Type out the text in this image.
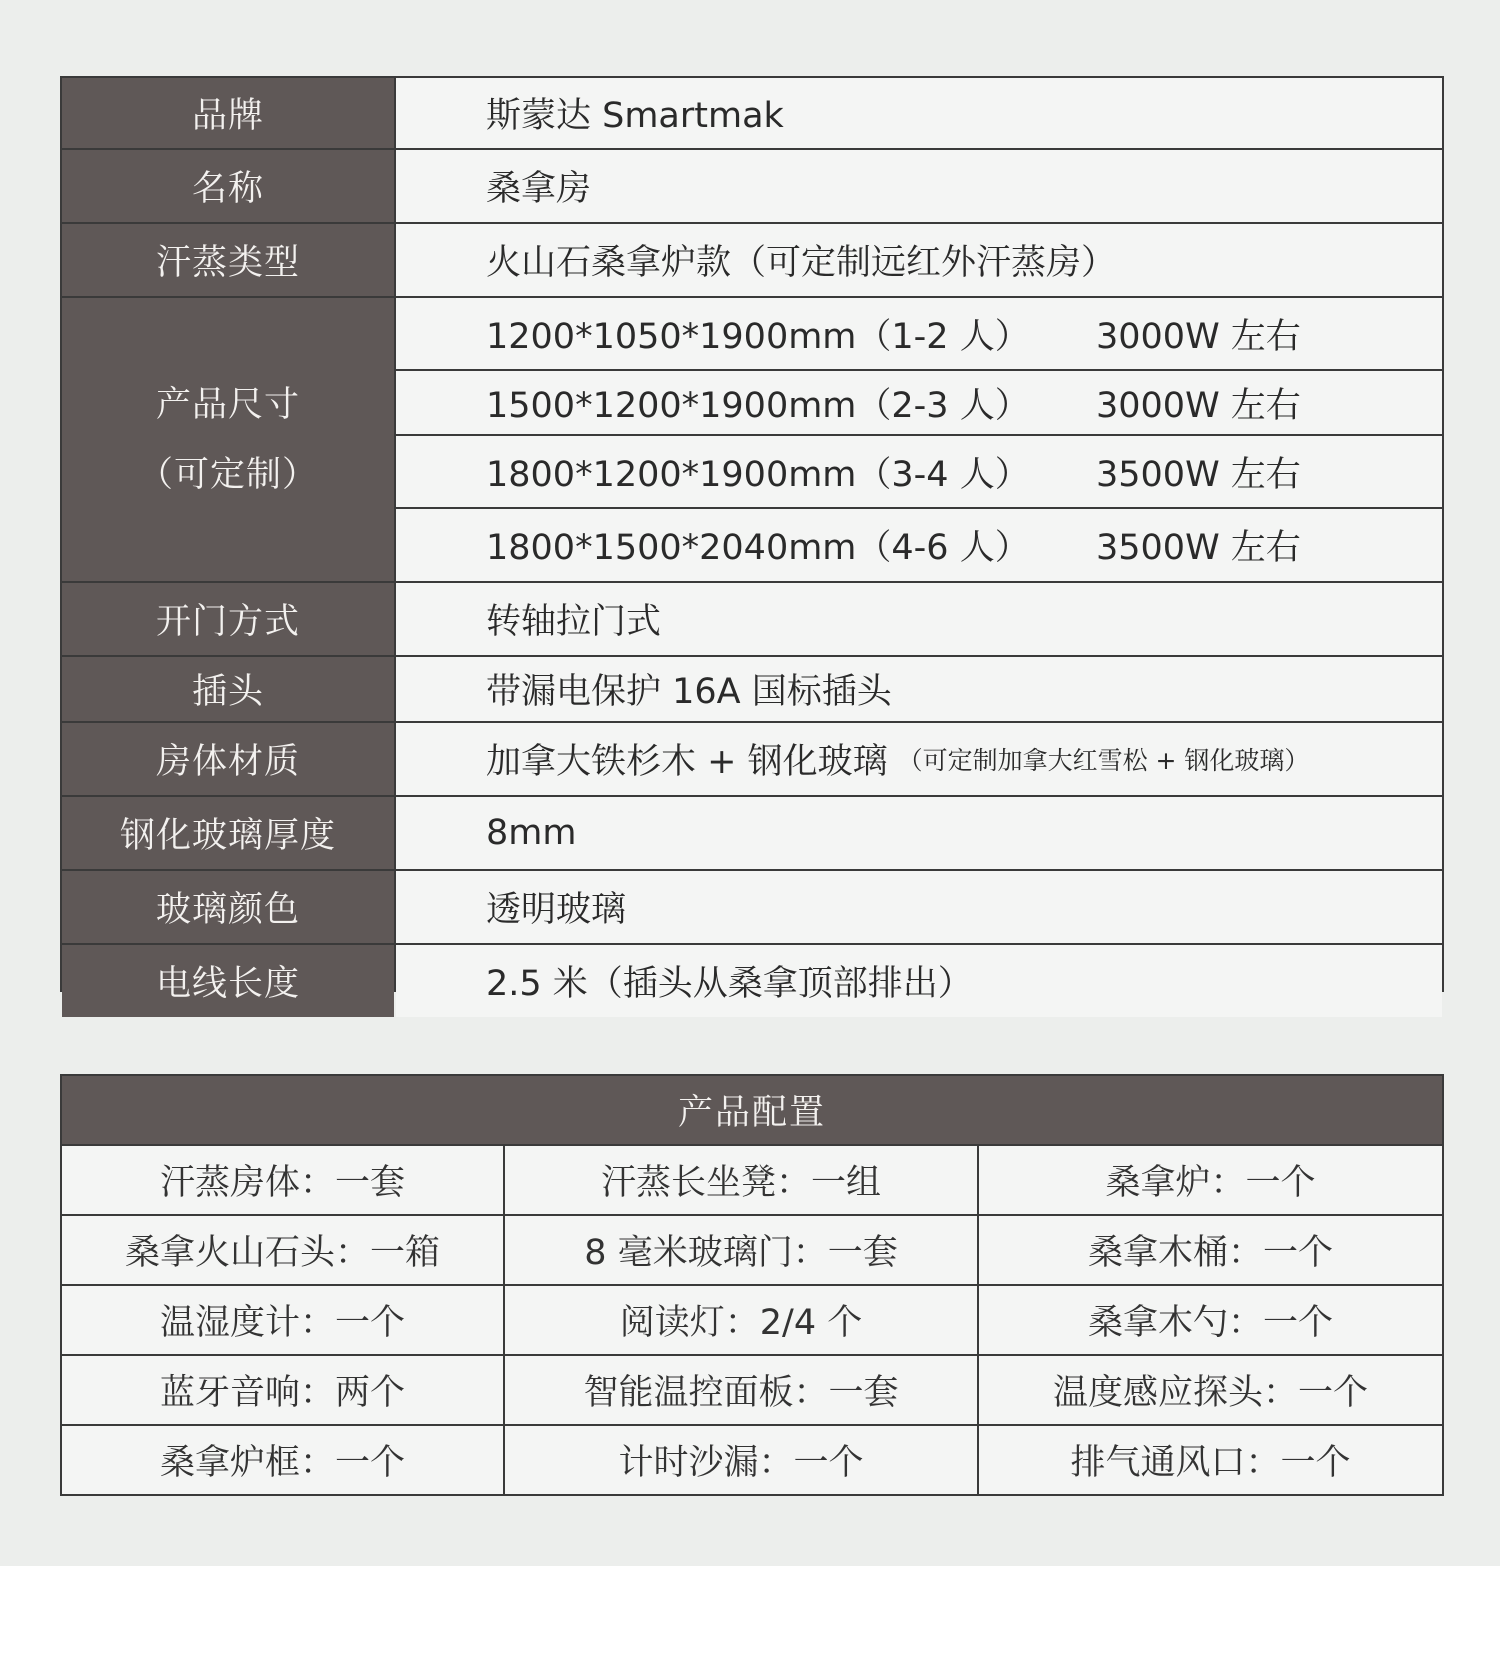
品牌	斯蒙达 Smartmak
名称	桑拿房
汗蒸类型	火山石桑拿炉款（可定制远红外汗蒸房）
产品尺寸
（可定制）
1200*1050*1900mm（1-2 人）	3000W 左右
1500*1200*1900mm（2-3 人）	3000W 左右
1800*1200*1900mm（3-4 人）	3500W 左右
1800*1500*2040mm（4-6 人）	3500W 左右
开门方式	转轴拉门式
插头	带漏电保护 16A 国标插头
房体材质	加拿大铁杉木 + 钢化玻璃 （可定制加拿大红雪松 + 钢化玻璃）
钢化玻璃厚度	8mm
玻璃颜色	透明玻璃
电线长度	2.5 米（插头从桑拿顶部排出）
产品配置
汗蒸房体：一套	汗蒸长坐凳：一组	桑拿炉：一个
桑拿火山石头：一箱	8 毫米玻璃门：一套	桑拿木桶：一个
温湿度计：一个	阅读灯：2/4 个	桑拿木勺：一个
蓝牙音响：两个	智能温控面板：一套	温度感应探头：一个
桑拿炉框：一个	计时沙漏：一个	排气通风口：一个
